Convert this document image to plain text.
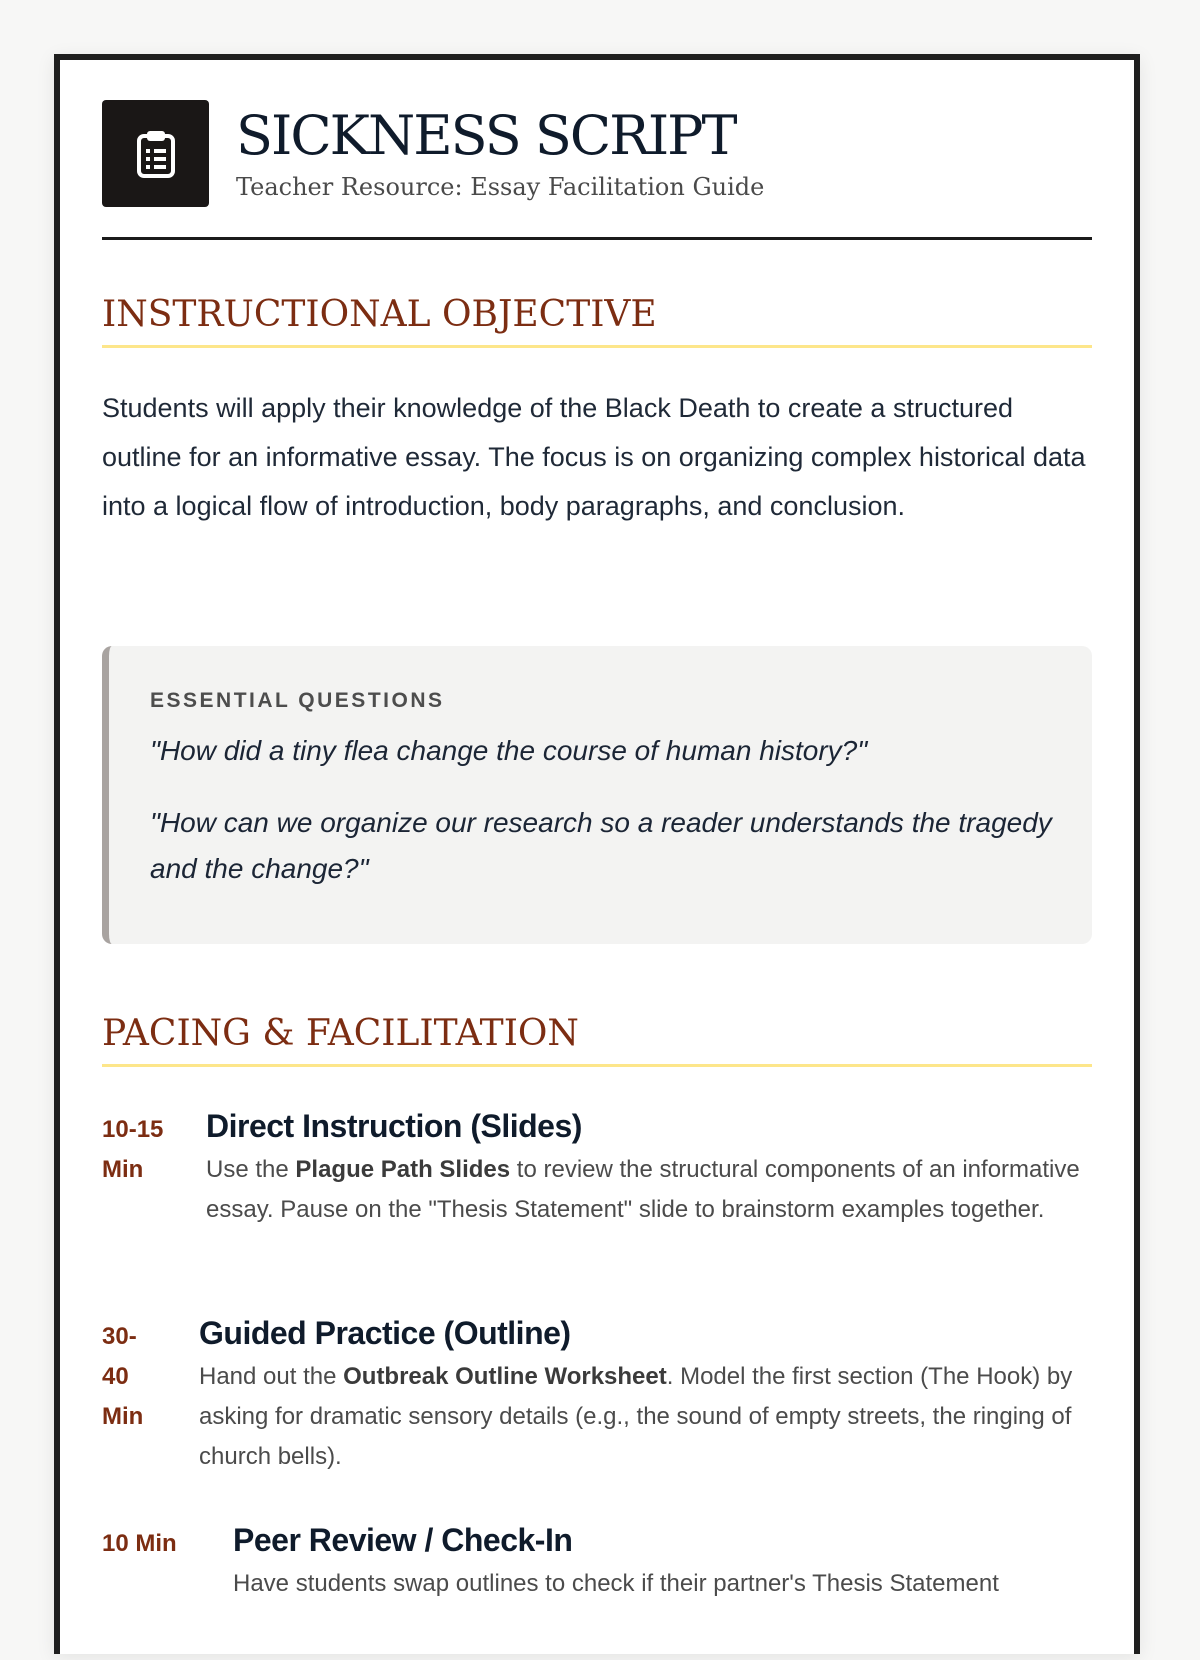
SICKNESS SCRIPT
Teacher Resource: Essay Facilitation Guide
INSTRUCTIONAL OBJECTIVE

Students will apply their knowledge of the Black Death to create a structured outline for an informative essay. The focus is on organizing complex historical data into a logical flow of introduction, body paragraphs, and conclusion.

ESSENTIAL QUESTIONS

"How did a tiny flea change the course of human history?"

"How can we organize our research so a reader understands the tragedy and the change?"

PACING & FACILITATION
10-15 Min
Direct Instruction (Slides)

Use the Plague Path Slides to review the structural components of an informative essay. Pause on the "Thesis Statement" slide to brainstorm examples together.

30-40 Min
Guided Practice (Outline)

Hand out the Outbreak Outline Worksheet. Model the first section (The Hook) by asking for dramatic sensory details (e.g., the sound of empty streets, the ringing of church bells).

10 Min	Peer Review / Check-In

Have students swap outlines to check if their partner's Thesis Statement
